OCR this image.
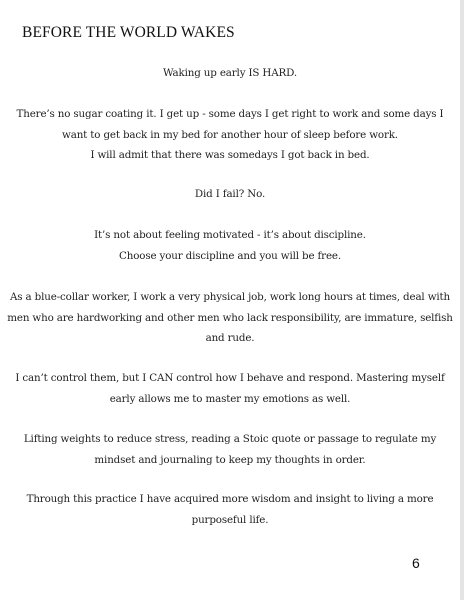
BEFORE THE WORLD WAKES
Waking up early IS HARD.
There’s no sugar coating it. I get up - some days I get right to work and some days I
want to get back in my bed for another hour of sleep before work.
I will admit that there was somedays I got back in bed.
Did I fail? No.
It’s not about feeling motivated - it’s about discipline.
Choose your discipline and you will be free.
As a blue-collar worker, I work a very physical job, work long hours at times, deal with
men who are hardworking and other men who lack responsibility, are immature, selfish
and rude.
I can’t control them, but I CAN control how I behave and respond. Mastering myself
early allows me to master my emotions as well.
Lifting weights to reduce stress, reading a Stoic quote or passage to regulate my
mindset and journaling to keep my thoughts in order.
Through this practice I have acquired more wisdom and insight to living a more
purposeful life.
6
